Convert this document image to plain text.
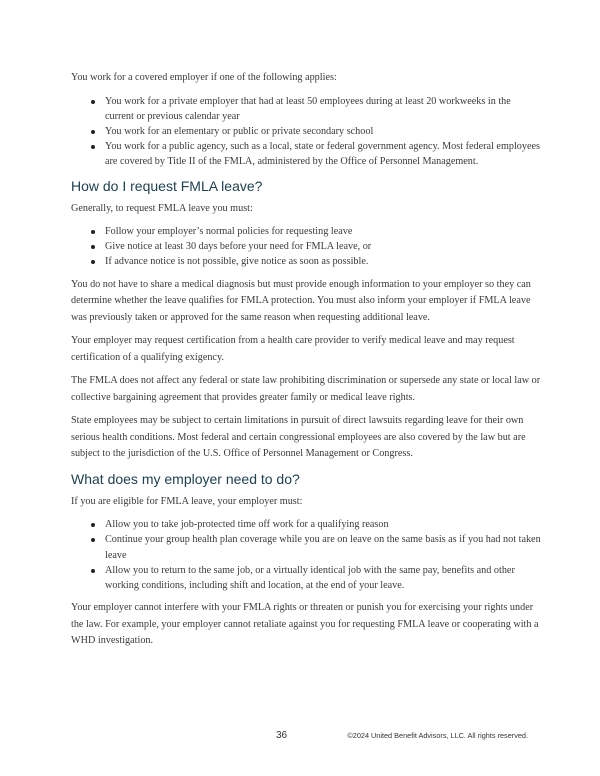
You work for a covered employer if one of the following applies:

You work for a private employer that had at least 50 employees during at least 20 workweeks in the current or previous calendar year
You work for an elementary or public or private secondary school
You work for a public agency, such as a local, state or federal government agency. Most federal employees are covered by Title II of the FMLA, administered by the Office of Personnel Management.
How do I request FMLA leave?

Generally, to request FMLA leave you must:

Follow your employer’s normal policies for requesting leave
Give notice at least 30 days before your need for FMLA leave, or
If advance notice is not possible, give notice as soon as possible.

You do not have to share a medical diagnosis but must provide enough information to your employer so they can determine whether the leave qualifies for FMLA protection. You must also inform your employer if FMLA leave was previously taken or approved for the same reason when requesting additional leave.

Your employer may request certification from a health care provider to verify medical leave and may request certification of a qualifying exigency.

The FMLA does not affect any federal or state law prohibiting discrimination or supersede any state or local law or collective bargaining agreement that provides greater family or medical leave rights.

State employees may be subject to certain limitations in pursuit of direct lawsuits regarding leave for their own serious health conditions. Most federal and certain congressional employees are also covered by the law but are subject to the jurisdiction of the U.S. Office of Personnel Management or Congress.

What does my employer need to do?

If you are eligible for FMLA leave, your employer must:

Allow you to take job-protected time off work for a qualifying reason
Continue your group health plan coverage while you are on leave on the same basis as if you had not taken leave
Allow you to return to the same job, or a virtually identical job with the same pay, benefits and other working conditions, including shift and location, at the end of your leave.

Your employer cannot interfere with your FMLA rights or threaten or punish you for exercising your rights under the law. For example, your employer cannot retaliate against you for requesting FMLA leave or cooperating with a WHD investigation.

36	©2024 United Benefit Advisors, LLC. All rights reserved.
